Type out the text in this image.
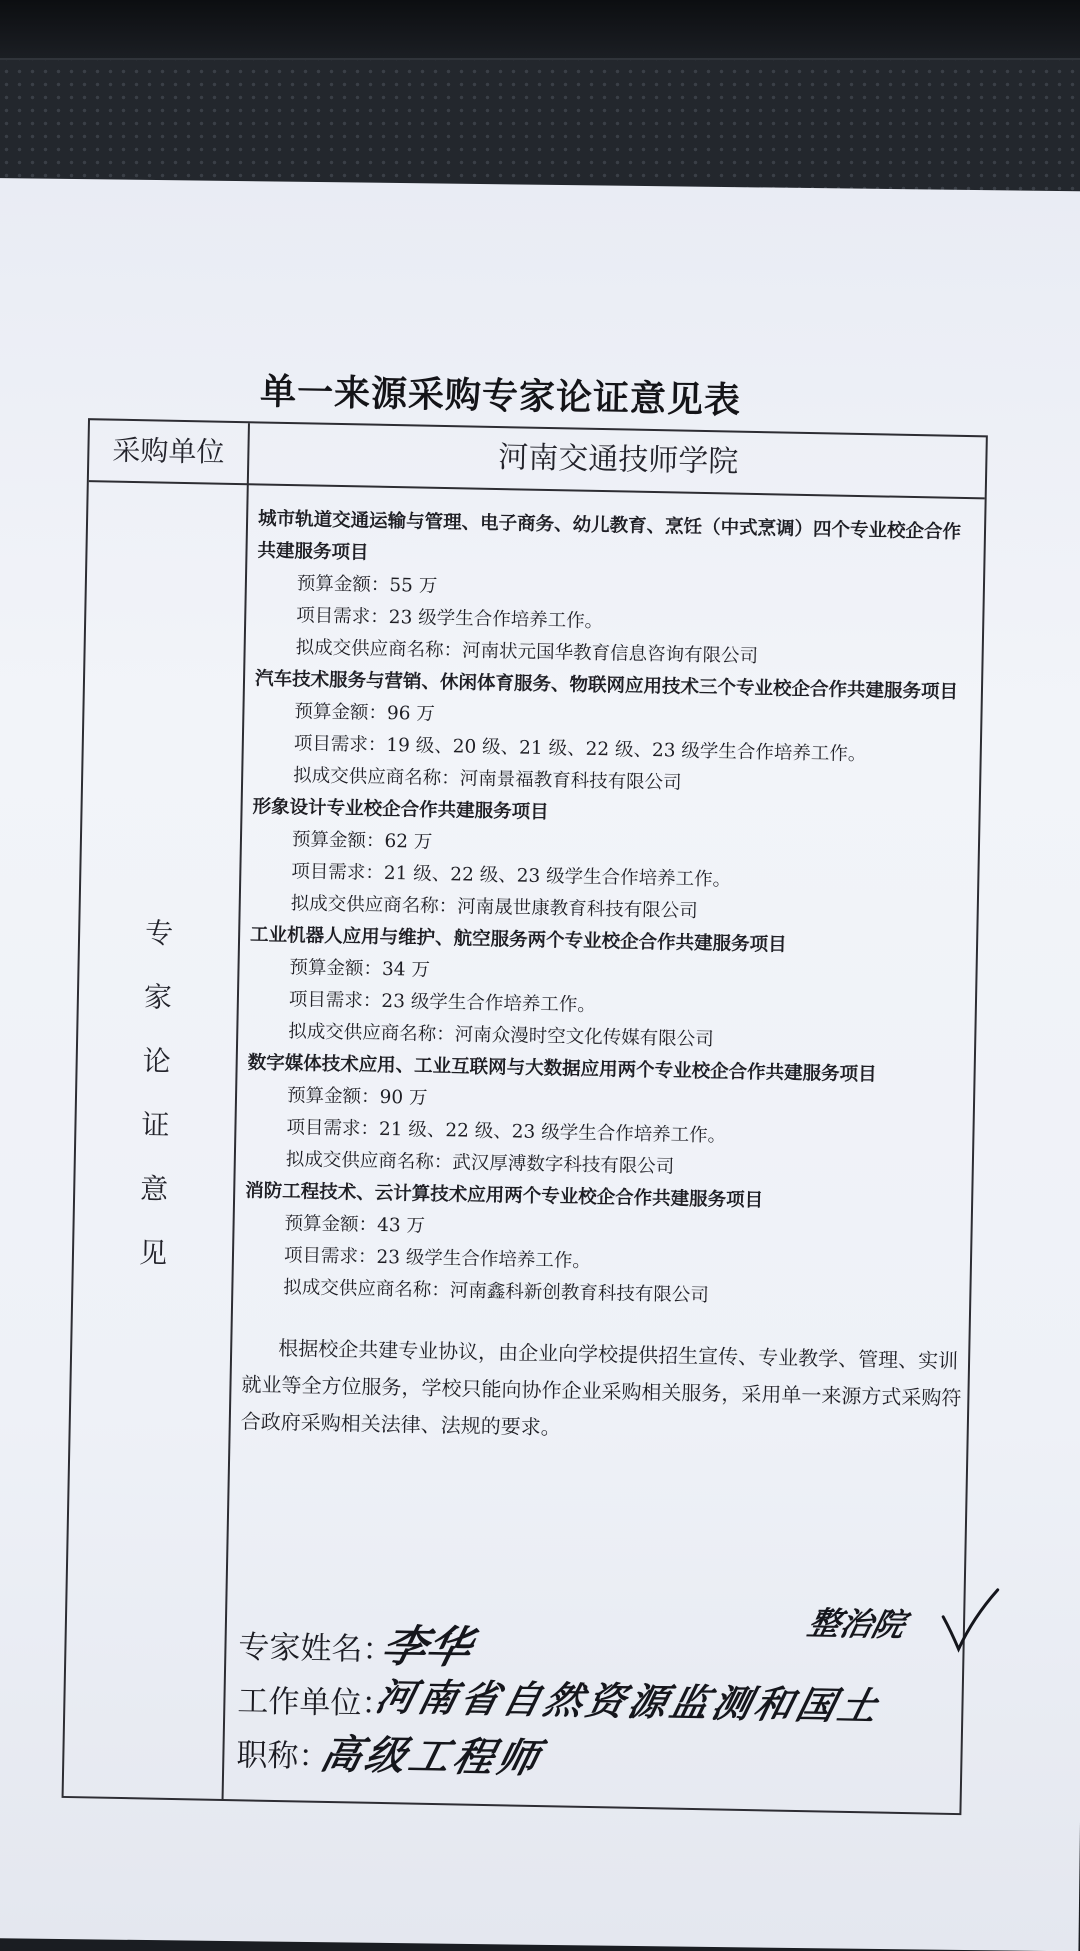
单一来源采购专家论证意见表
采购单位	河南交通技师学院
专
家
论
证
意
见

城市轨道交通运输与管理、电子商务、幼儿教育、烹饪（中式烹调）四个专业校企合作共建服务项目

预算金额：55 万

项目需求：23 级学生合作培养工作。

拟成交供应商名称：河南状元国华教育信息咨询有限公司

汽车技术服务与营销、休闲体育服务、物联网应用技术三个专业校企合作共建服务项目

预算金额：96 万

项目需求：19 级、20 级、21 级、22 级、23 级学生合作培养工作。

拟成交供应商名称：河南景福教育科技有限公司

形象设计专业校企合作共建服务项目

预算金额：62 万

项目需求：21 级、22 级、23 级学生合作培养工作。

拟成交供应商名称：河南晟世康教育科技有限公司

工业机器人应用与维护、航空服务两个专业校企合作共建服务项目

预算金额：34 万

项目需求：23 级学生合作培养工作。

拟成交供应商名称：河南众漫时空文化传媒有限公司

数字媒体技术应用、工业互联网与大数据应用两个专业校企合作共建服务项目

预算金额：90 万

项目需求：21 级、22 级、23 级学生合作培养工作。

拟成交供应商名称：武汉厚溥数字科技有限公司

消防工程技术、云计算技术应用两个专业校企合作共建服务项目

预算金额：43 万

项目需求：23 级学生合作培养工作。

拟成交供应商名称：河南鑫科新创教育科技有限公司

根据校企共建专业协议，由企业向学校提供招生宣传、专业教学、管理、实训就业等全方位服务，学校只能向协作企业采购相关服务，采用单一来源方式采购符合政府采购相关法律、法规的要求。

专家姓名：
李华	整治院
工作单位：
河南省自然资源监测和国土
职称：
高级工程师
